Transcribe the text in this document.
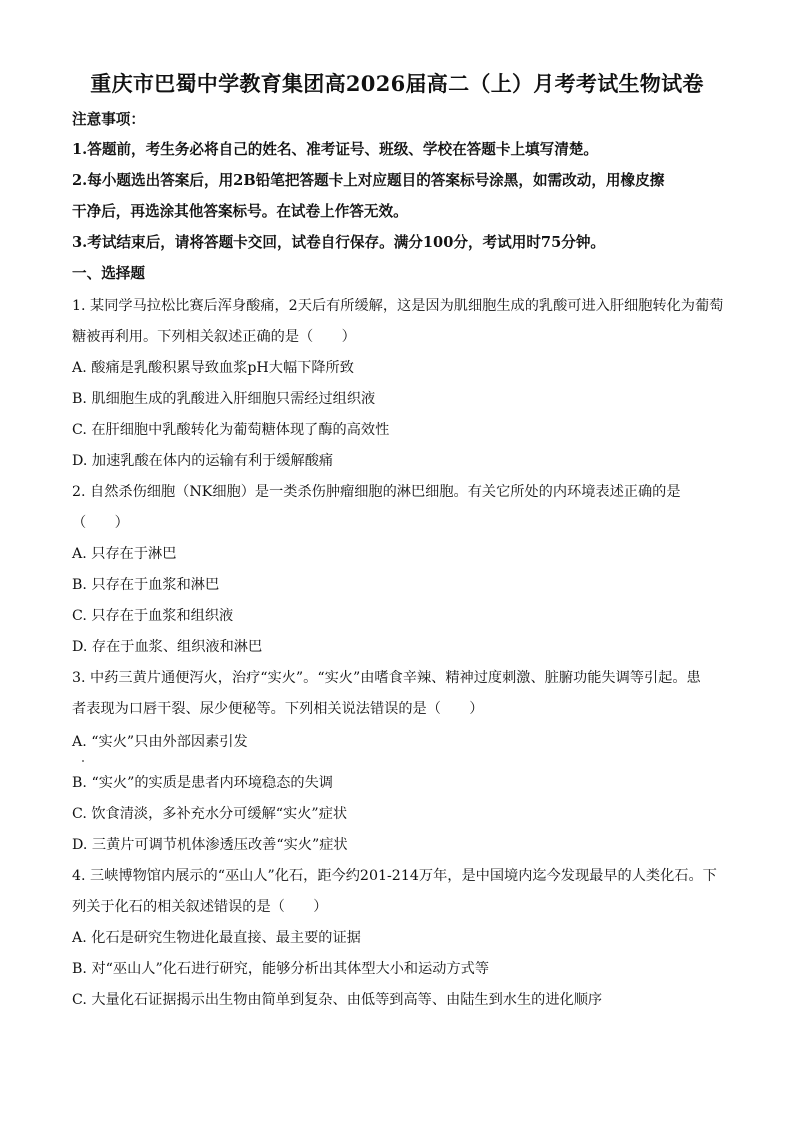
重庆市巴蜀中学教育集团高2026届高二（上）月考考试生物试卷
注意事项：
1.答题前，考生务必将自己的姓名、准考证号、班级、学校在答题卡上填写清楚。
2.每小题选出答案后，用2B铅笔把答题卡上对应题目的答案标号涂黑，如需改动，用橡皮擦
干净后，再选涂其他答案标号。在试卷上作答无效。
3.考试结束后，请将答题卡交回，试卷自行保存。满分100分，考试用时75分钟。
一、选择题
1. 某同学马拉松比赛后浑身酸痛，2天后有所缓解，这是因为肌细胞生成的乳酸可进入肝细胞转化为葡萄
糖被再利用。下列相关叙述正确的是（　　）
A. 酸痛是乳酸积累导致血浆pH大幅下降所致
B. 肌细胞生成的乳酸进入肝细胞只需经过组织液
C. 在肝细胞中乳酸转化为葡萄糖体现了酶的高效性
D. 加速乳酸在体内的运输有利于缓解酸痛
2. 自然杀伤细胞（NK细胞）是一类杀伤肿瘤细胞的淋巴细胞。有关它所处的内环境表述正确的是
（　　）
A. 只存在于淋巴
B. 只存在于血浆和淋巴
C. 只存在于血浆和组织液
D. 存在于血浆、组织液和淋巴
3. 中药三黄片通便泻火，治疗“实火”。“实火”由嗜食辛辣、精神过度刺激、脏腑功能失调等引起。患
者表现为口唇干裂、尿少便秘等。下列相关说法错误的是（　　）
A. “实火”只由外部因素引发
B. “实火”的实质是患者内环境稳态的失调
C. 饮食清淡，多补充水分可缓解“实火”症状
D. 三黄片可调节机体渗透压改善“实火”症状
4. 三峡博物馆内展示的“巫山人”化石，距今约201-214万年，是中国境内迄今发现最早的人类化石。下
列关于化石的相关叙述错误的是（　　）
A. 化石是研究生物进化最直接、最主要的证据
B. 对“巫山人”化石进行研究，能够分析出其体型大小和运动方式等
C. 大量化石证据揭示出生物由简单到复杂、由低等到高等、由陆生到水生的进化顺序
